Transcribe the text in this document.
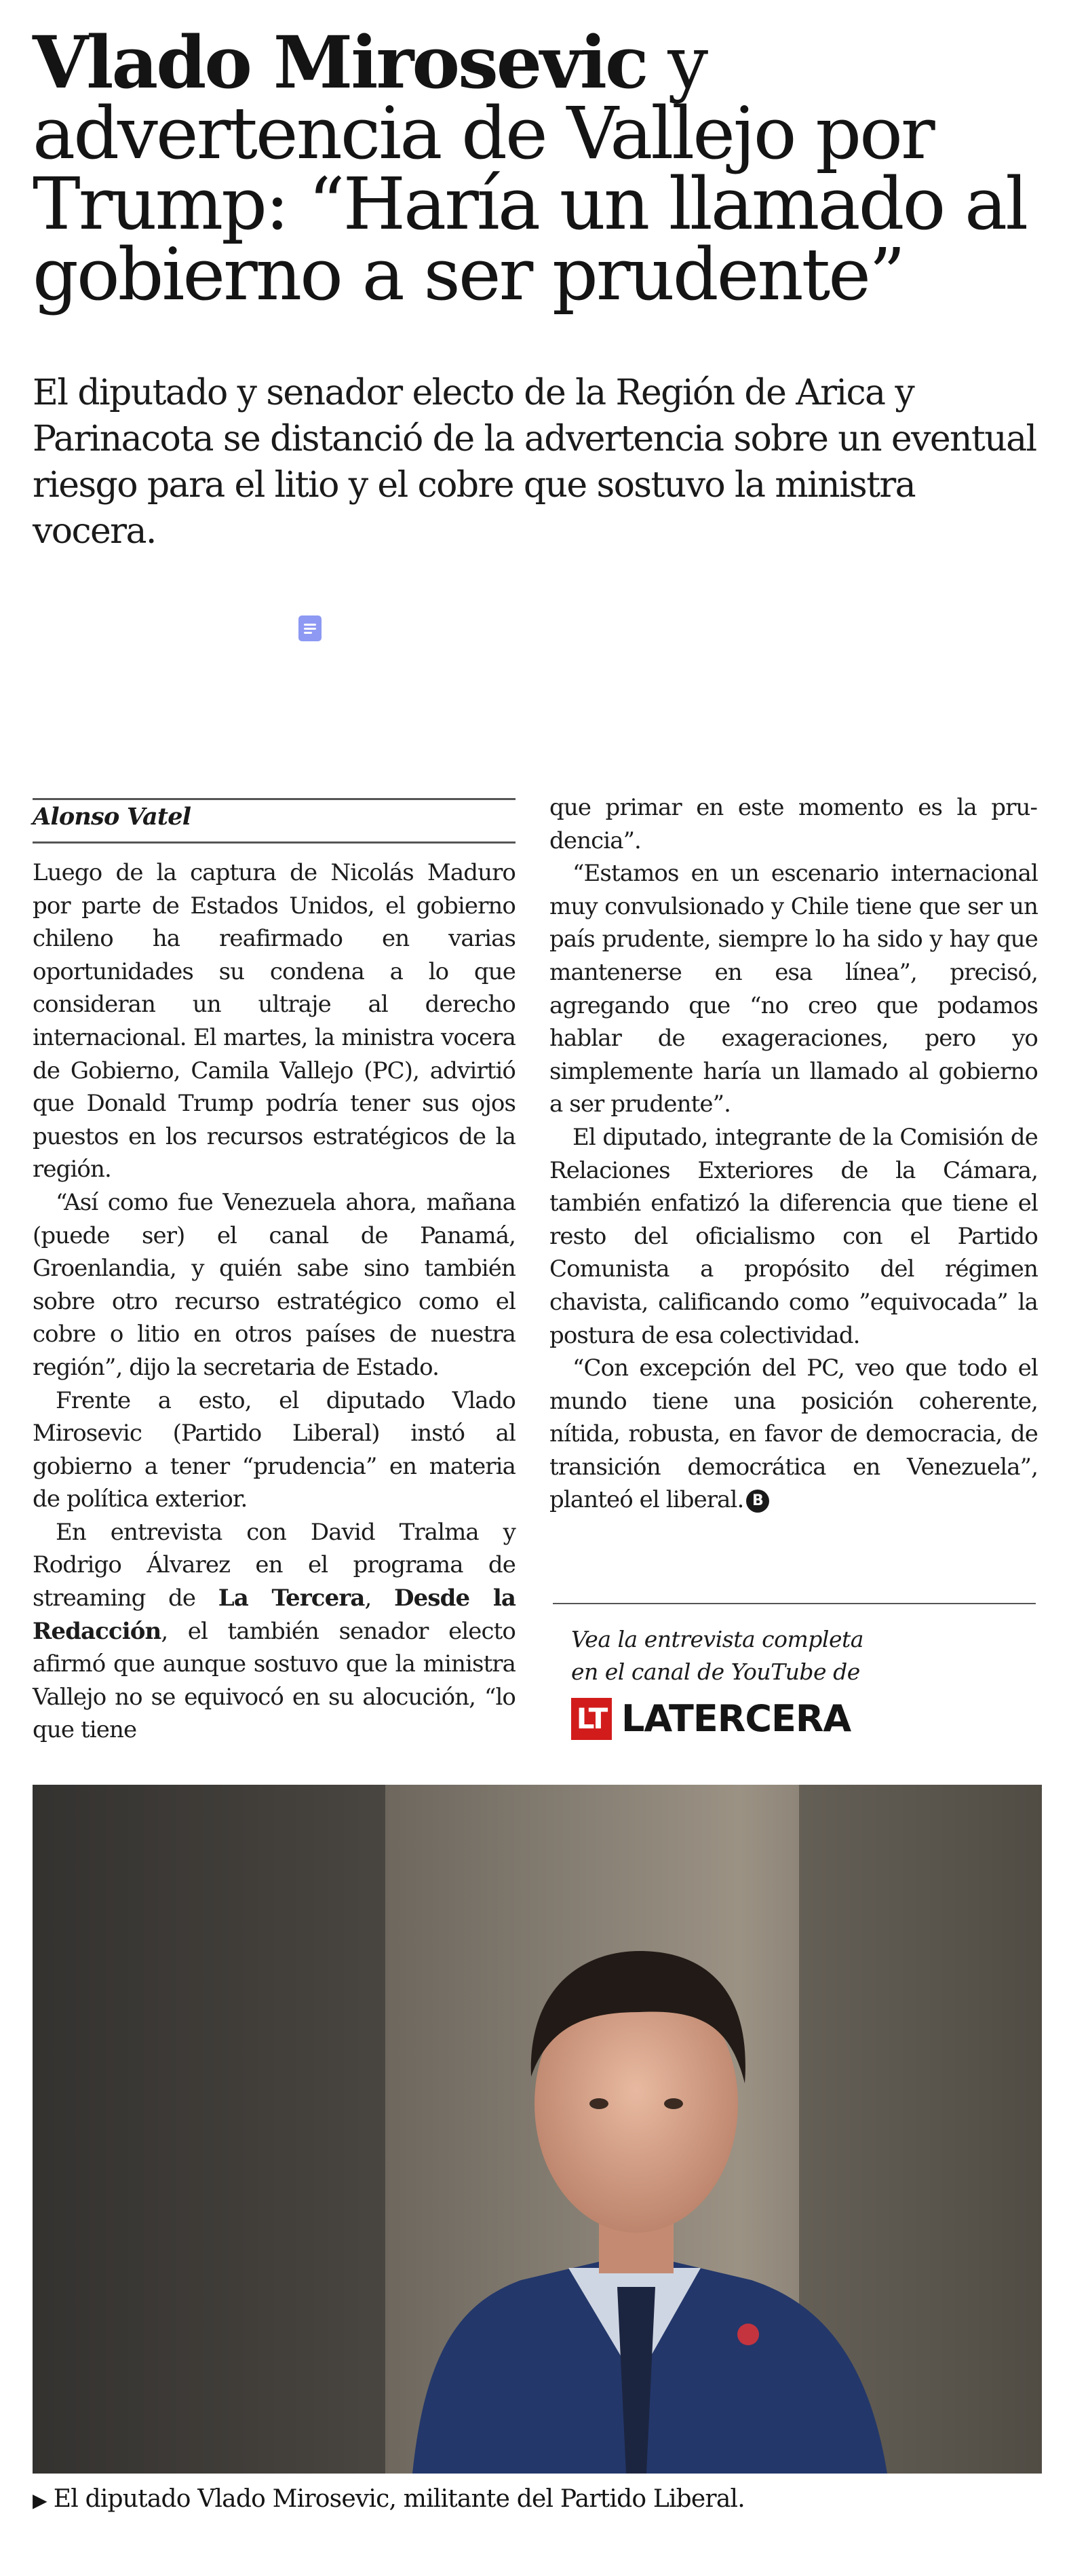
Vlado Mirosevic y advertencia de Vallejo por Trump: “Haría un llamado al gobierno a ser prudente”

El diputado y senador electo de la Región de Arica y Parinacota se distanció de la advertencia sobre un eventual riesgo para el litio y el cobre que sostuvo la ministra vocera.

Alonso Vatel

Luego de la captura de Nicolás Maduro por parte de Estados Unidos, el gobierno chileno ha reafirmado en varias oportunidades su condena a lo que consideran un ultraje al derecho internacional. El martes, la ministra vocera de Gobierno, Camila Vallejo (PC), advirtió que Donald Trump podría tener sus ojos puestos en los recursos estratégicos de la región.

“Así como fue Venezuela ahora, mañana (puede ser) el canal de Panamá, Groenlandia, y quién sabe sino también sobre otro recurso estratégico como el cobre o litio en otros países de nuestra región”, dijo la secretaria de Estado.

Frente a esto, el diputado Vlado Mirosevic (Partido Liberal) instó al gobierno a tener “prudencia” en materia de política exterior.

En entrevista con David Tralma y Rodrigo Álvarez en el programa de streaming de La Tercera, Desde la Redacción, el también senador electo afirmó que aunque sostuvo que la ministra Vallejo no se equivocó en su alocución, “lo que tiene

que primar en este momento es la prudencia”.

“Estamos en un escenario internacional muy convulsionado y Chile tiene que ser un país prudente, siempre lo ha sido y hay que mantenerse en esa línea”, precisó, agregando que “no creo que podamos hablar de exageraciones, pero yo simplemente haría un llamado al gobierno a ser prudente”.

El diputado, integrante de la Comisión de Relaciones Exteriores de la Cámara, también enfatizó la diferencia que tiene el resto del oficialismo con el Partido Comunista a propósito del régimen chavista, calificando como ”equivocada” la postura de esa colectividad.

“Con excepción del PC, veo que todo el mundo tiene una posición coherente, nítida, robusta, en favor de democracia, de transición democrática en Venezuela”, planteó el liberal. B

Vea la entrevista completa
en el canal de YouTube de
LT LATERCERA
▶ El diputado Vlado Mirosevic, militante del Partido Liberal.
